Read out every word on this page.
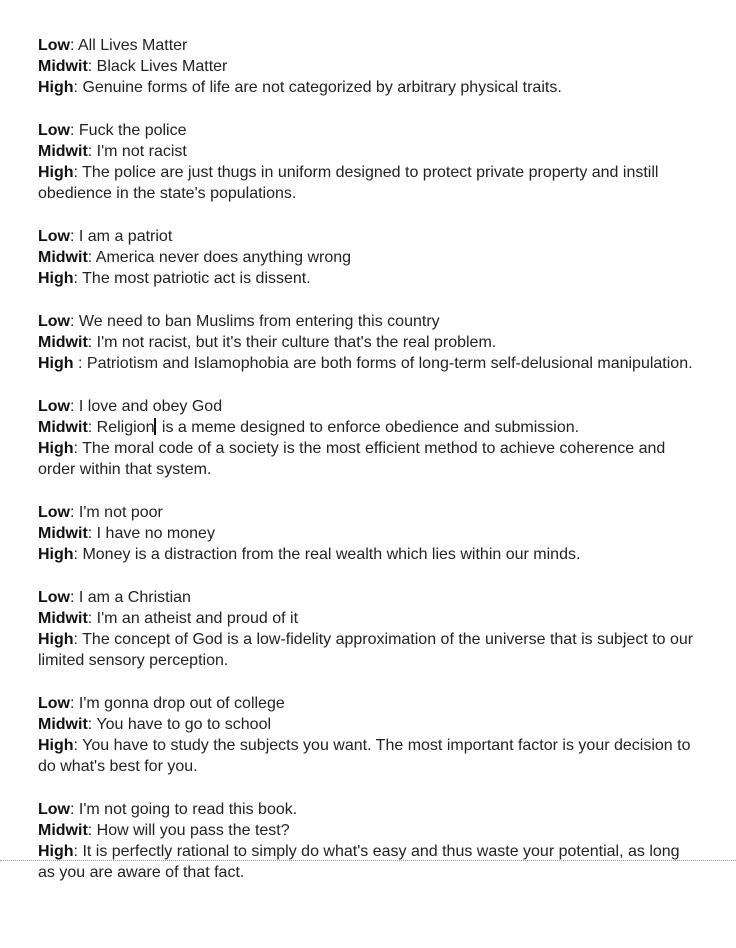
Low: All Lives Matter
Midwit: Black Lives Matter
High: Genuine forms of life are not categorized by arbitrary physical traits.
Low: Fuck the police
Midwit: I'm not racist
High: The police are just thugs in uniform designed to protect private property and instill obedience in the state's populations.
Low: I am a patriot
Midwit: America never does anything wrong
High: The most patriotic act is dissent.
Low: We need to ban Muslims from entering this country
Midwit: I'm not racist, but it's their culture that's the real problem.
High : Patriotism and Islamophobia are both forms of long-term self-delusional manipulation.
Low: I love and obey God
Midwit: Religion is a meme designed to enforce obedience and submission.
High: The moral code of a society is the most efficient method to achieve coherence and order within that system.
Low: I'm not poor
Midwit: I have no money
High: Money is a distraction from the real wealth which lies within our minds.
Low: I am a Christian
Midwit: I'm an atheist and proud of it
High: The concept of God is a low-fidelity approximation of the universe that is subject to our limited sensory perception.
Low: I'm gonna drop out of college
Midwit: You have to go to school
High: You have to study the subjects you want. The most important factor is your decision to do what's best for you.
Low: I'm not going to read this book.
Midwit: How will you pass the test?
High: It is perfectly rational to simply do what's easy and thus waste your potential, as long as you are aware of that fact.
